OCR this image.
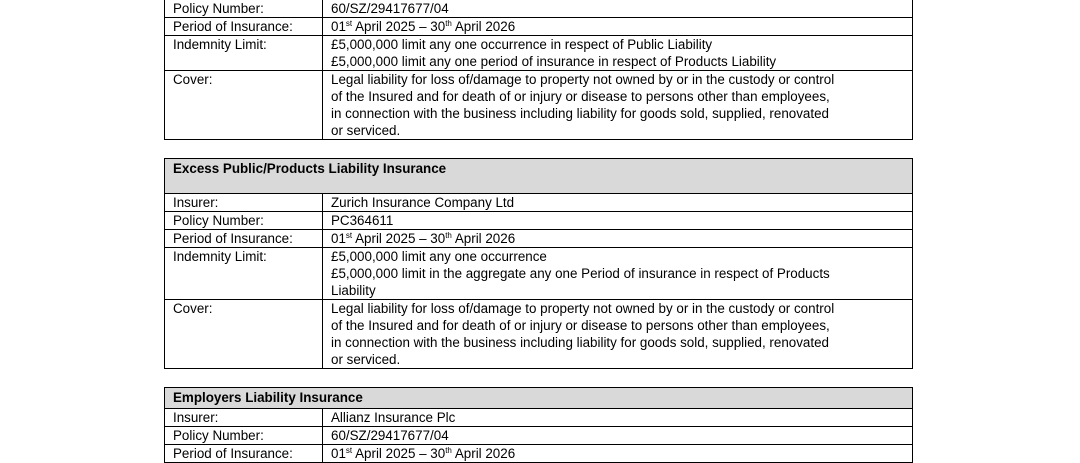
Policy Number:	60/SZ/29417677/04
Period of Insurance:	01st April 2025 – 30th April 2026
Indemnity Limit:	£5,000,000 limit any one occurrence in respect of Public Liability
£5,000,000 limit any one period of insurance in respect of Products Liability
Cover:	Legal liability for loss of/damage to property not owned by or in the custody or control
of the Insured and for death of or injury or disease to persons other than employees,
in connection with the business including liability for goods sold, supplied, renovated
or serviced.
Excess Public/Products Liability Insurance
Insurer:	Zurich Insurance Company Ltd
Policy Number:	PC364611
Period of Insurance:	01st April 2025 – 30th April 2026
Indemnity Limit:	£5,000,000 limit any one occurrence
£5,000,000 limit in the aggregate any one Period of insurance in respect of Products
Liability
Cover:	Legal liability for loss of/damage to property not owned by or in the custody or control
of the Insured and for death of or injury or disease to persons other than employees,
in connection with the business including liability for goods sold, supplied, renovated
or serviced.
Employers Liability Insurance
Insurer:	Allianz Insurance Plc
Policy Number:	60/SZ/29417677/04
Period of Insurance:	01st April 2025 – 30th April 2026
